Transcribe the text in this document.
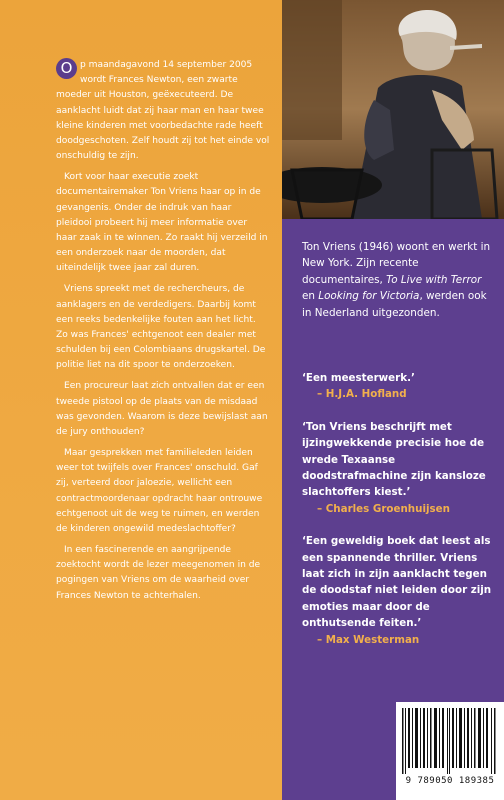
O p maandagavond 14 september 2005 wordt Frances Newton, een zwarte moeder uit Houston, geëxecuteerd. De aanklacht luidt dat zij haar man en haar twee kleine kinderen met voorbedachte rade heeft doodgeschoten. Zelf houdt zij tot het einde vol onschuldig te zijn.

Kort voor haar executie zoekt documentairemaker Ton Vriens haar op in de gevangenis. Onder de indruk van haar pleidooi probeert hij meer informatie over haar zaak in te winnen. Zo raakt hij verzeild in een onderzoek naar de moorden, dat uiteindelijk twee jaar zal duren.

Vriens spreekt met de rechercheurs, de aanklagers en de verdedigers. Daarbij komt een reeks bedenkelijke fouten aan het licht. Zo was Frances' echtgenoot een dealer met schulden bij een Colombiaans drugskartel. De politie liet na dit spoor te onderzoeken.

Een procureur laat zich ontvallen dat er een tweede pistool op de plaats van de misdaad was gevonden. Waarom is deze bewijslast aan de jury onthouden?

Maar gesprekken met familieleden leiden weer tot twijfels over Frances' onschuld. Gaf zij, verteerd door jaloezie, wellicht een contractmoordenaar opdracht haar ontrouwe echtgenoot uit de weg te ruimen, en werden de kinderen ongewild medeslachtoffer?

In een fascinerende en aangrijpende zoektocht wordt de lezer meegenomen in de pogingen van Vriens om de waarheid over Frances Newton te achterhalen.

Ton Vriens (1946) woont en werkt in New York. Zijn recente documentaires, To Live with Terror en Looking for Victoria, werden ook in Nederland uitgezonden.

‘Een meesterwerk.’

– H.J.A. Hofland

‘Ton Vriens beschrijft met ijzingwekkende precisie hoe de wrede Texaanse doodstrafmachine zijn kansloze slachtoffers kiest.’

– Charles Groenhuijsen

‘Een geweldig boek dat leest als een spannende thriller. Vriens laat zich in zijn aanklacht tegen de doodstaf niet leiden door zijn emoties maar door de onthutsende feiten.’

– Max Westerman

9 789050 189385
